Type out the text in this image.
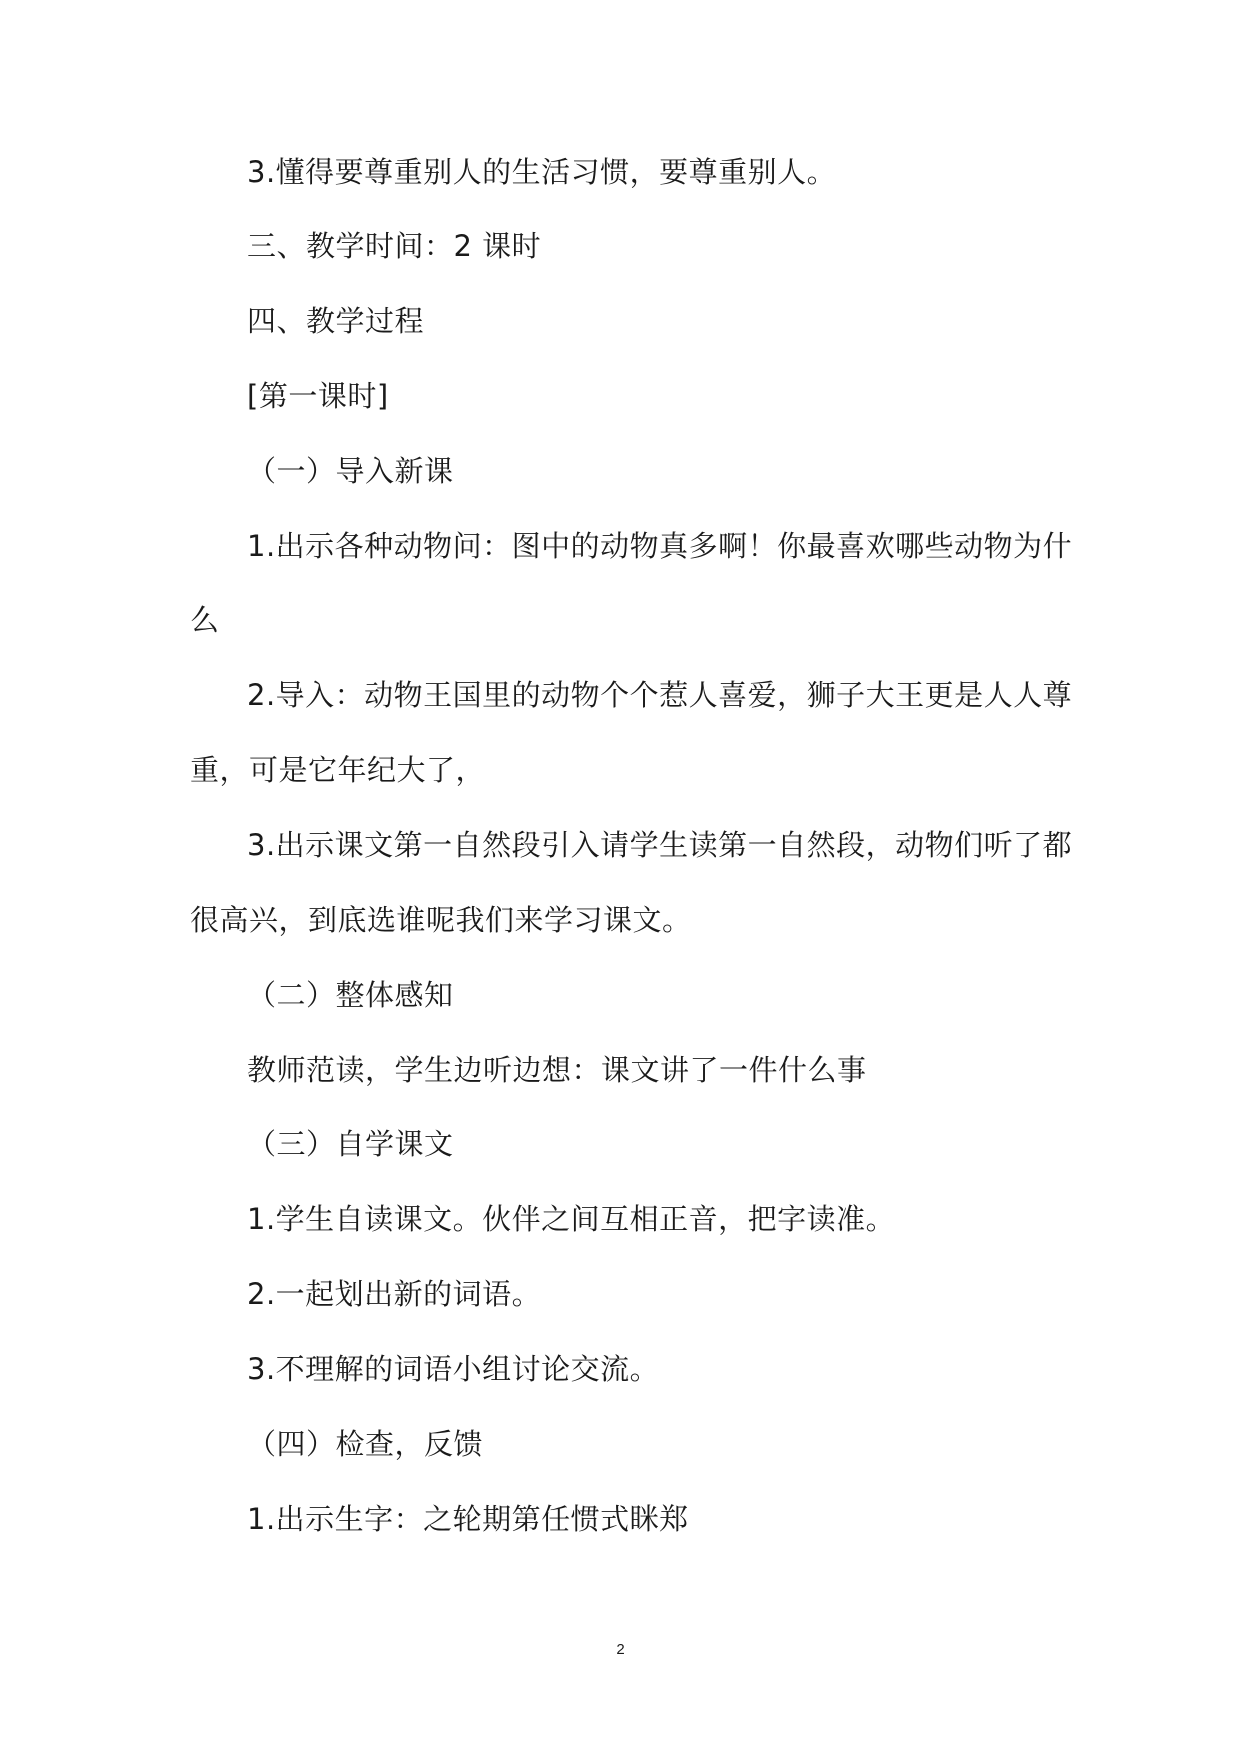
3.懂得要尊重别人的生活习惯，要尊重别人。
三、教学时间：2 课时
四、教学过程
[第一课时]
（一）导入新课
1.出示各种动物问：图中的动物真多啊！你最喜欢哪些动物为什
么
2.导入：动物王国里的动物个个惹人喜爱，狮子大王更是人人尊
重，可是它年纪大了，
3.出示课文第一自然段引入请学生读第一自然段，动物们听了都
很高兴，到底选谁呢我们来学习课文。
（二）整体感知
教师范读，学生边听边想：课文讲了一件什么事
（三）自学课文
1.学生自读课文。伙伴之间互相正音，把字读准。
2.一起划出新的词语。
3.不理解的词语小组讨论交流。
（四）检查，反馈
1.出示生字：之轮期第任惯式眯郑
2
